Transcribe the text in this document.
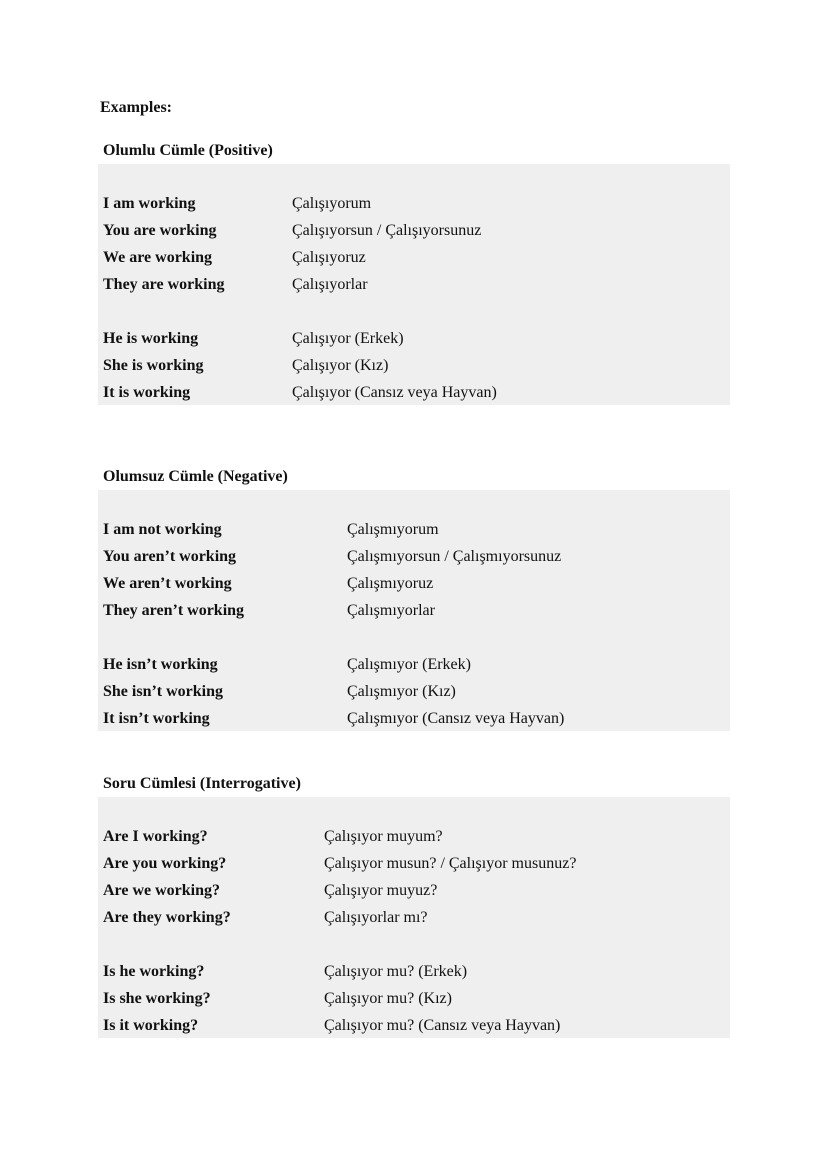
Examples:
Olumlu Cümle (Positive)
I am working	Çalışıyorum
You are working	Çalışıyorsun / Çalışıyorsunuz
We are working	Çalışıyoruz
They are working	Çalışıyorlar
He is working	Çalışıyor (Erkek)
She is working	Çalışıyor (Kız)
It is working	Çalışıyor (Cansız veya Hayvan)
Olumsuz Cümle (Negative)
I am not working	Çalışmıyorum
You aren’t working	Çalışmıyorsun / Çalışmıyorsunuz
We aren’t working	Çalışmıyoruz
They aren’t working	Çalışmıyorlar
He isn’t working	Çalışmıyor (Erkek)
She isn’t working	Çalışmıyor (Kız)
It isn’t working	Çalışmıyor (Cansız veya Hayvan)
Soru Cümlesi (Interrogative)
Are I working?	Çalışıyor muyum?
Are you working?	Çalışıyor musun? / Çalışıyor musunuz?
Are we working?	Çalışıyor muyuz?
Are they working?	Çalışıyorlar mı?
Is he working?	Çalışıyor mu? (Erkek)
Is she working?	Çalışıyor mu? (Kız)
Is it working?	Çalışıyor mu? (Cansız veya Hayvan)
